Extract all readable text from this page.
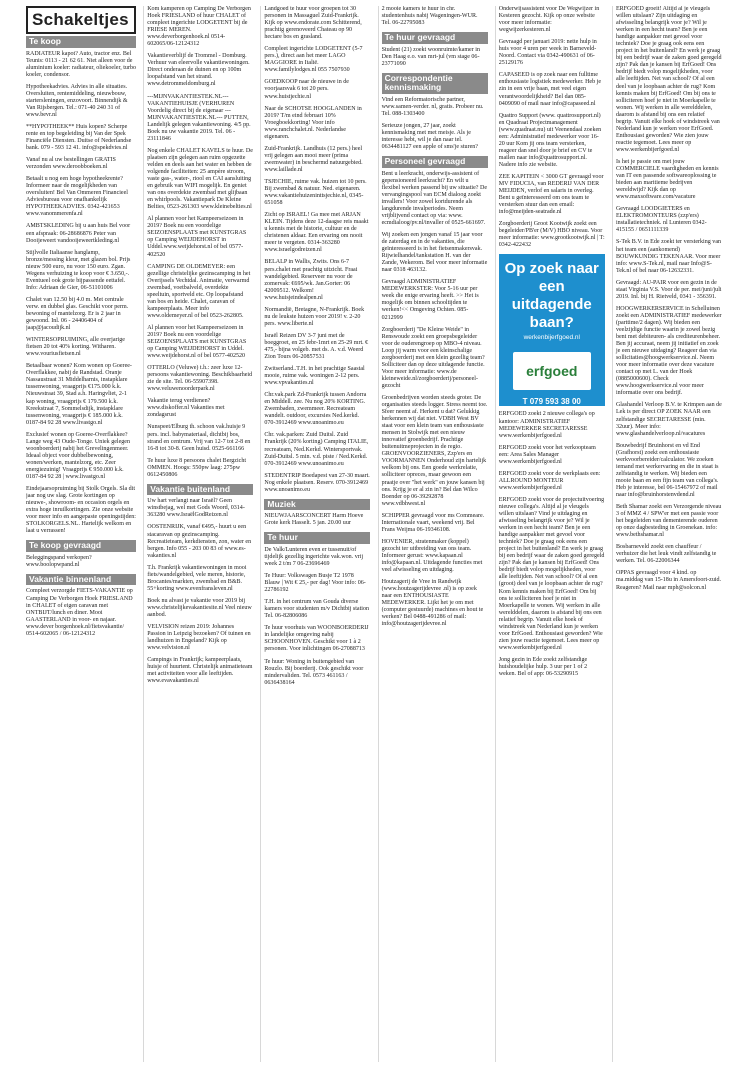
Schakeltjes
Te koop
RADIATEUR kapot? Auto, tractor enz. Bel Teunis: 0113 - 21 62 61. Niet alleen voor de aluminium koeler: radiateur, oliekoeler, turbo koeler, condensor.
Hypotheekadvies. Advies in alle situaties. Oversluiten, rentemiddeling, nieuwbouw, startersleningen, enzovoort. Binnendijk & Van Rijsbergen. Tel.: 071-40 240 31 of www.bevr.nl
**HYPOTHEEK** Huis kopen? Scherpe rente en top begeleiding bij Van der Spek Financiële Diensten. Duitse of Nederlandse bank. 079 - 593 12 41. info@spekdvies.nl
Vanaf nu al uw bestellingen GRATIS verzonden www.deroobboeken.nl
Betaalt u nog een hoge hypotheekrente? Informeer naar de mogelijkheden van oversluiten! Bel Van Ommeren Financieel Adviesbureau voor onafhankelijk HYPOTHEEKADVIES. 0342-421653 www.vanommerenfa.nl
AMBTSKLEDING bij u aan huis Bel voor een afspraak: 06-28686876 Peter van Dooijeweert vandooijeweertkleding.nl
Stijlvolle Italiaanse hanglamp, bronze/messing kleur, met glazen bol. Prijs nieuw 500 euro, nu voor 150 euro. Zgan. Wegens verhuizing te koop voor € 3.650,-. Eventueel ook grote bijpassende eettafel. Info: Adriaan de Gier, 06-51101006
Chalet van 12.50 bij 4.0 m. Met centrale verw. en dubbel glas. Geschikt voor perm. bewoning of mantelzorg. Er is 2 jaar in gewoond. Inl. 06 - 24406404 of jaap@jacoudijk.nl
WINTERSOPRUIMING, alle overjarige fietsen 20 tot 40% korting. Witharen. www.vouriusfietsen.nl
Betaalbaar wonen? Kom wonen op Goeree-Overflakkee, nabij de Randstad. Oranje Nassaustraat 31 Middelharnis, instapklare tussenwoning, vraagprijs €175.000 k.k. Nieuwstraat 39, Stad a.h. Haringvliet, 2-1 kap woning, vraagprijs € 179.500 k.k. Kreekstraat 7, Sommelsdijk, instapklare tussenwoning, vraagprijs € 185.000 k.k. 0187-84 92 28 www.livastgo.nl
Exclusief wonen op Goeree-Overflakkee? Lange weg 43 Oude-Tonge. Uniek gelegen woonboerderij nabij het Grevelingenmeer. Ideaal object voor dubbelbewoning, wonen/werken, mantelzorg, etc. Zeer energiezuinig! Vraagprijs € 950.000 k.k. 0187-84 92 28 | www.livastgo.nl
Eindejaarsopruiming bij Stolk Orgels. Sla dit jaar nog uw slag. Grote kortingen op nieuwe-, showroom- en occasion orgels en extra hoge inruilkortingen. Zie onze website voor meer info en aangepaste openingstijden: STOLKORGELS.NL. Hartelijk welkom en laat u verrassen!
Te koop gevraagd
Beleggingspand verkopen? www.boolopwpand.nl
Vakantie binnenland
Compleet verzorgde FIETS-VAKANTIE op Camping De Verborgen Hoek FRIESLAND in CHALET of eigen caravan met ONTBIJT/lunch en diner. Mooi GAASTERLAND in voor- en najaar. www.dever borgenhoek.nl/fietsvakantie/ 0514-602065 / 06-12124312
Kom kamperen op Camping De Verborgen Hoek FRIESLAND of huur CHALET of compleet ingerichte LODGETENT bij de FRIESE MEREN. www.deverborgenhoek.nl 0514- 602065/06-12124312
Vakantieverblijf de Trommel - Domburg. Verhuur van eleervolle vakantiewoningen. Direct onderaan de duinen en op 100m loopafstand van het strand. www.detrommeldomburg.nl
---MIJNVAKANTIESTEK.NL--- VAKANTIEHUISJE (VERHUREN Voordelig direct bij de eigenaar ---MIJNVAKANTIESTEK.NL--- PUTTEN, Landelijk gelegen vakantiewoning. 4/5 pp. Boek nu uw vakantie 2019. Tel. 06 - 23111846
Nog enkele CHALET KAVELS te huur. De plaatsen zijn gelegen aan ruim opgezette velden en deels aan het water en hebben de volgende faciliteiten: 25 ampère stroom, vaste gas-, water-, riool en CAI aansluiting en gebruik van WIFI mogelijk. En geniet van ons overdekte zwembad met glijbaan en whirlpools. Vakantiepark De Kleine Belties, 0523-261303 www.kleinebelties.nl
Al plannen voor het Kampeerseizoen in 2019? Boek nu een voordelige SEIZOENSPLAATS met KUNSTGRAS op Camping WEIJDEHORST in Uddel.www.weijdehorst.nl of bel 0577-402520
CAMPING DE OLDEMEYER: een gezellige christelijke gezinscamping in het Overijssels Vechtdal. Animatie, verwarmd zwembad, voetbalveld, overdekte speeltuin, sportveld etc. Op loopafstand van bos en heide. Chalet, caravan of kampeerplaats. Meer info www.oldemeyer.nl of bel 0523-262805.
Al plannen voor het Kampeerseizoen in 2019? Boek nu een voordelige SEIZOENSPLAATS met KUNSTGRAS op Camping WEIJDEHORST in Uddel. www.weijdehorst.nl of bel 0577-402520
OTTERLO (Veluwe) t.h.: zeer luxe 12-persoons vakantiewoning. Beschikbaarheid zie de site. Tel. 06-55907398. www.veluwenoorderpark.nl
Vakantie terug verdienen? www.diskoffer.nl Vakanties met zondagsrust
Nunspeet/Elburg th. schoon vak.huisje 9 pers. incl. babymateriaal, dichtbij bos, strand en centrum. Vrij van 12-7 tot 2-8 en 16-8 tot 30-8. Geen huisd. 0525-661166
Te huur luxe 8 persoons chalet Bergzicht OMMEN. Hoogs: 550pw laag: 275pw 0612450806
Vakantie buitenland
Uw hart verlangt naar Israël? Geen winstbejag, wel met Gods Woord, 0314-363280 www.IsraëlGodReizen.nl
OOSTENRIJK, vanaf €495,- huurt u een stacaravan op gezinscamping. Recreatieteam, kerkdiensten, zon, water en bergen. Info 055 - 203 00 83 of www.es-vakanties.nl
T.h. Frankrijk vakantiewoningen in mooi fiets/wandelgebied, vele meren, historie, Brocantes/markten, zwembad en B&B. 55+korting www.evenfransleven.nl
Boek nu alvast je vakantie voor 2019 bij www.christelijkevakantiesite.nl Veel nieuw aanbod.
VELVISION reizen 2019: Johannes Passion in Leipzig bezoeken? Of tuinen en landhuizen in Engeland? Kijk op www.velvision.nl
Campings in Frankrijk; kampeerplaats, huisje of huurtent. Christelijk animatieteam met activiteiten voor alle leeftijden. www.evavakanties.nl
Landgoed te huur voor groepen tot 30 personen in Massaguel Zuid-Frankrijk. Kijk op www.endorate.com Schitterend, prachtig gerenoveerd Chateau op 90 hectare bos en grasland.
Compleet ingerichte LODGETENT (5-7 pers.), direct aan het meer LAGO MAGGIORE in Italië. www.familylodges.nl 055 7507930
GOEDKOOP naar de nieuwe in de voorjaarsvak 6 tot 20 pers. www.huistjechie.nl
Naar de SCHOTSE HOOGLANDEN in 2019? T/m eind februari 10% Vroegboekkorting! Voor info www.ranchchalet.nl. Nederlandse eigenaren.
Zuid-Frankrijk. Landhuis (12 pers.) heel vrij gelegen aan mooi meer (prima zwemwater) in beschermd natuurgebied. www.laillade.nl
TSJECHIE, ruime vak. huizen tot 10 pers. Bij zwembad & natuur. Ned. eigenaren. www.vakantiehuizeninttsjechie.nl, 0345-651058
Zicht op ISRAEL! Ga mee met ARJAN KLEIN. Tijdens deze 12-daagse reis maakt u kennis met de historie, cultuur en de christenen aldaar. Een ervaring om nooit meer te vergeten. 0314-363280 www.israelgodreizen.nl
BELALP in Wallis, Zwits. Ons 6-7 pers.chalet met prachtig uitzicht. Fraai wandelgebied. Reserveer nu voor de zomervak: €695/wk. Jan.Gorter: 06 42009512. Welkom! www.huisjeindealpen.nl
Normandië, Bretagne, N-Frankrijk. Boek nu de leukste huizen voor 2019! v. 2-20 pers. www.liberte.nl
Israël Reizen DV 3-7 juni met de boeggroet, en 25 febr-1mrt en 25-29 mrt. € 475,- bijna volgeb. met ds. A. v.d. Weerd Zion Tours 06-20857531
Zwitserland..T.H. in het prachtige Saastal mooie, ruime vak. woningen 2-12 pers. www.vpvakanties.nl
Chr.vak.park Zd-Frankrijk tussen Andorra en Middell. zee. Nu nog 20% KORTING. Zwembaden, zwemmeer. Recreateam wandelt. outdoor, excursies Ned.kerkd. 070-3912469 www.unoanimo.eu
Chr. vak.parken: Zuid Duitsl. Zuid Frankrijk (20% korting) Camping ITALIE, recreateam, Ned.Kerkd. Wintersportvak. Zuid-Duitsl. 5 min. v.d. piste / Ned.Kerkd. 070-3912469 www.unoanimo.eu
STEDENTRIP Boedapest van 27-30 maart. Nog enkele plaatsen. Reserv. 070-3912469 www.unoanimo.eu
Muziek
NIEUWJAARSCONCERT Harm Hoeve Grote kerk Hasselt. 5 jan. 20.00 uur
Te huur
De Valk/Lunteren even er tussenuit/of tijdelijk gezellig ingerichte vak.won. vrij week 2 t/m 7 06-23696469
Te Huur: Volkswagen Busje T2 1978 Blauw | Wit € 25,- per dag! Voor info: 06-22786192
T.H. in het centrum van Gouda diverse kamers voor studenten m/v Dichtbij station Tel. 06-82806086
Te huur voorhuis van WOONBOERDERIJ in landelijke omgeving nabij SCHOONHOVEN. Geschikt voor 1 à 2 personen. Voor inlichtingen 06-27088713
Te huur: Woning in buitengebied van Rouzlo. Bij boerderij. Ook geschikt voor mindervaliden. Tel. 0573 461163 / 0636438164
2 mooie kamers te huur in chr. studentenhuis nabij Wageningen-WUR. Tel. 06-22795083
Te huur gevraagd
Student (21) zoekt woonruimte/kamer in Den Haag e.o. van mrt-jul (vm stage 06-23771090
Correspondentie kennismaking
Vind een Reformatorische partner, www.samen-verder. nl, gratis. Probeer nu. Tel. 088-1303400
Serieuze jongen, 27 jaar, zoekt kennismaking met met meisje. Als je interesse hebt, wil je dan naar tel. 0634481127 een apple of sms'je sturen?
Personeel gevraagd
Bent u leerkracht, onderwijs-assistent of gepensioneerd leerkracht? En wilt u flexibel werken passend bij uw situatie? De vervangingspool van ECM dialoog zoekt invallers! Voor zowel kortdurende als langdurende invalperiodes. Neem vrijblijvend contact op via: www. ecmdialoog/pv.nl/invaller of 0525-661697.
Wij zoeken een jongen vanaf 15 jaar voor de zaterdag en in de vakanties, die geïnteresseerd is in het fietsenmakersvak. Rijwielhandel/tankstation H. van der Zande, Wekerom. Bel voor meer informatie naar 0318 463132.
Gevraagd ADMINISTRATIEF MEDEWERKSTER: Voor 5-16 uur per week die enige ervaring heeft. >> Het is mogelijk om binnen schooltijden te werken!<< Omgeving Ochten. 085-0212999
Zorgboerderij "De Kleine Weide" in Renswoude zoekt een groepsbegeleider voor de ouderengroep op MBO-4 niveau. Loop jij warm voor een kleinschalige zorgboerderij met een klein gezellig team? Solliciteer dan op deze uitdagende functie. Voor meer informatie: www.de kleineweide.nl/zorgboerderij/personeel-gezocht
Groenbedrijven worden steeds groter. De organisaties steeds logger. Stress neemt toe. Sfeer neemt af. Herkent u dat? Gelukkig herkennen wij dat niet. VDBH West BV staat voor een klein team van enthousiaste mensen in Stolwijk met een nieuw innovatief groenbedrijf. Prachtige buitenuitmeprojecten in de regio. GROENVOORZIENERS, Zzp'ers en VOORMANNEN Onderhoud zijn hartelijk welkom bij ons. Een goede werkrelatie, solliciteer opreces, maar gewoon een praatje over "het werk" en jouw kansen bij ons. Krijg je er al zin in? Bel dan Wilco Boender op 06-39292878 www.vdbhwest.nl
SCHIPPER gevraagd voor ms Commeare. Internationale vaart, weekend vrij. Bel Frans Weijma 06-19346108.
HOVENIER, stratenmaker (koppel) gezocht ter uitbreiding van ons team. Informeer gerust: www.kapaan.nl info@kapaan.nl. Uitdagende functies met veel afwisseling en uitdaging.
Houtzagerij de Vree in Randwijk (www.houtzagerijdevree .nl) is op zoek naar een ENTHOUSIASTE MEDEWERKER. Lijkt het je om met (computer gestuurde) machines en hout te werken? Bel 0488-491286 of mail: info@houtzagerijdevree.nl
Onderwijsassistent voor De Wegwijzer in Kesteren gezocht. Kijk op onze website voor meer informatie: wegwijzerkesteren.nl
Gevraagd per januari 2019: nette hulp in huis voor 4 uren per week in Barneveld-Noord. Contact via 0342-490631 of 06-25129176
CAPASEED is op zoek naar een fulltime enthousiaste logistiek medewerker. Heb je zin in een vrije baan, met veel eigen verantwoordelijkheid? Bel dan 085-0409090 of mail naar info@capaseed.nl
Quattro Support (www. quattrosupport.nl) en Quadraat Projectmanagement (www.quadraat.nu) uit Veenendaal zoeken een: Administratief medewerker voor 16-20 uur Kom jij ons team versterken, reageer dan snel door je brief en CV te mailen naar info@quattrosupport.nl. Nadere info zie website.
ZEE KAPITEIN < 3000 GT gevraagd voor MV FIDUCIA, van REDERIJ VAN DER MEIJDEN, verlof en salaris in overleg. Bent u geïnteresseerd om ons team te versterken stuur dan een email: info@meijden-seatrade.nl
Zorgboerderij Groot Kootwijk zoekt een begeleider/PB'er (M/V) HBO niveau. Voor meer informatie: www.grootkootwijk.nl | T: 0342-422432
Op zoek naar een uitdagende baan?
werkenbijerfgoed.nl
erfgoed
T 079 593 38 00
ERFGOED zoekt 2 nieuwe collega's op kantoor: ADMINISTRATIEF MEDEWERKER SECRETARESSE www.werkenbijerfgoed.nl
ERFGOED zoekt voor het verkoopteam een: Area Sales Manager www.werkenbijerfgoed.nl
ERFGOED zoekt voor de werkplaats een: ALLROUND MONTEUR www.werkenbijerfgoed.nl
ERFGOED zoekt voor de projectuitvoering nieuwe collega's. Altijd al je vleugels willen uitslaan? Vind je uitdaging en afwisseling belangrijk voor je? Wil je werken in een hecht team? Ben je een handige aanpakker met gevoel voor techniek? Doe je graag ook eens een project in het buitenland? En werk je graag bij een bedrijf waar de zaken goed geregeld zijn? Pak dan je kansen bij ErfGoed! Ons bedrijf biedt volop mogelijkheden, voor alle leeftijden. Net van school? Of al een (groot) deel van je loopbaan achter de rug? Kom kennis maken bij ErfGoed! Om bij ons te solliciteren hoef je niet in Moerkapelle te wonen. Wij werken in alle werelddelen, daarom is afstand bij ons een relatief begrip. Vanuit elke hoek of windstreek van Nederland kun je werken voor ErfGoed. Enthousiast geworden? Wie zien jouw reactie tegemoet. Lees meer op www.werkenbijerfgoed.nl
Jong gezin in Ede zoekt zelfstandige huishoudelijke hulp. 3 uur per 1 of 2 weken. Bel of app: 06-53290915
ERFGOED groeit! Altijd al je vleugels willen uitslaan? Zijn uitdaging en afwisseling belangrijk voor je? Wil je werken in een hecht team? Ben je een handige aanpakker met gevoel voor techniek? Doe je graag ook eens een project in het buitenland? En werk je graag bij een bedrijf waar de zaken goed geregeld zijn? Pak dan je kansen bij ErfGoed! Ons bedrijf biedt volop mogelijkheden, voor alle leeftijden. Net van school? Of al een deel van je loopbaan achter de rug? Kom kennis maken bij ErfGoed! Om bij ons te solliciteren hoef je niet in Moerkapelle te wonen. Wij werken in alle werelddelen, daarom is afstand bij ons een relatief begrip. Vanuit elke hoek of windstreek van Nederland kun je werken voor ErfGoed. Enthousiast geworden? Wie zien jouw reactie tegemoet. Lees meer op www.werkenbijerfgoed.nl
Is het je passie om met jouw COMMERCIELE vaardigheden en kennis van IT een passende softwareoplossing te bieden aan maritieme bedrijven wereldwijd? Kijk dan op www.maxsoftware.com/vacature
Gevraagd LOODGIETERS en ELEKTROMONTEURS (zzp'ers) installatietechniek. nl Lunteren 0342-415155 / 0651111339
S-Tek B.V. in Ede zoekt ter versterking van het team een (aankomend) BOUWKUNDIG TEKENAAR. Voor meer info: www.S-Tek.nl, mail naar Info@S-Tek.nl of bel naar 06-12632331.
Gevraagd: AU-PAIR voor een gezin in de staat Virginia V.S. Voor de per. mei/juni/juli 2019. Inl. bij H. Rietveld, 0341 - 356391.
HOOGWERKERSERVICE in Schelluinen zoekt een ADMINISTRATIEF medewerker (parttime/2 dagen). Wij bieden een veelzijdige functie waarin je zowel bezig bent met debiteuren- als crediteurenbeheer. Ben jij accuraat, neem jij initiatief en zoek je een nieuwe uitdaging? Reageer dan via sollicitaties@hoogwerkservice.nl. Neem voor meer informatie over deze vacature contact op met L. van der Hoek (0885000600). Check www.hoogwerkservice.nl voor meer informatie over ons bedrijf.
Glashandel Verloop B.V. te Krimpen aan de Lek is per direct OP ZOEK NAAR een zelfstandige SECRETARESSE (min. 32uur). Meer info: www.glashandelverloop.nl/vacatures
Bouwbedrijf Bruinhorst en vd End (Grafhorst) zoekt een enthousiaste werkvoorbereider/calculator. We zoeken iemand met werkervaring en die in staat is zelfstandig te werken. Wij bieden een mooie baan en een fijn team van collega's. Heb je interesse, bel 06-15467972 of mail naar info@bruinhorstenvdend.nl
Beth Shamar zoekt een Verzorgende niveau 3 of MMZ 4 / SPW'er met een passie voor het begeleiden van dementerende ouderen op onze dagbesteding in Groenekan. info: www.bethshamar.nl
Bosbarneveld zoekt een chauffeur / verhuizer die het leuk vindt zelfstandig te werken. Tel. 06-22006344
OPPAS gevraagd voor 4 kind. op ma.middag van 15-18u in Amersfoort-zuid. Reageren? Mail naar mph@solcon.nl
